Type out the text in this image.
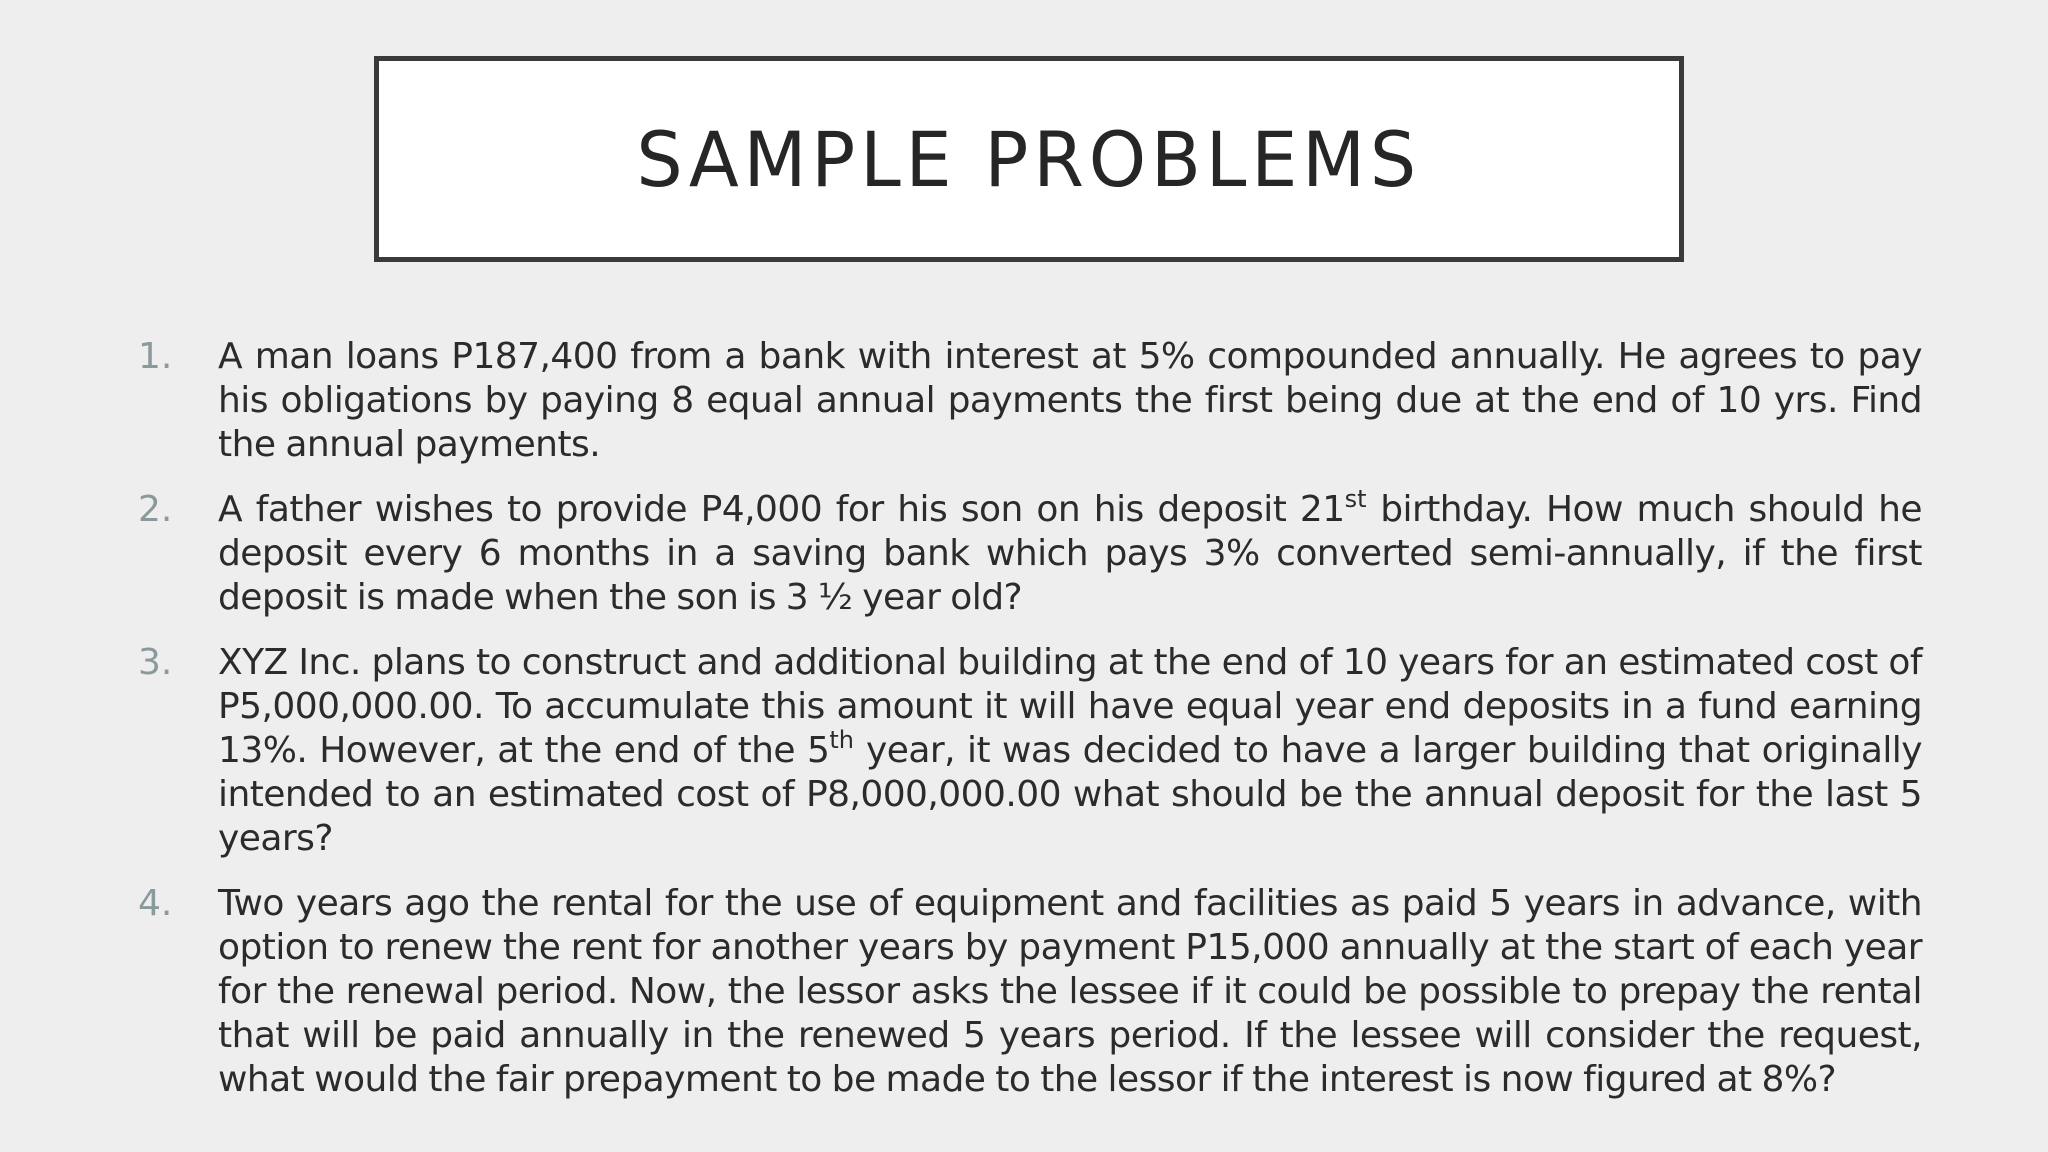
SAMPLE PROBLEMS
1. A man loans P187,400 from a bank with interest at 5% compounded annually. He agrees to pay his obligations by paying 8 equal annual payments the first being due at the end of 10 yrs. Find the annual payments.
2. A father wishes to provide P4,000 for his son on his deposit 21st birthday. How much should he deposit every 6 months in a saving bank which pays 3% converted semi-annually, if the first deposit is made when the son is 3 ½ year old?
3. XYZ Inc. plans to construct and additional building at the end of 10 years for an estimated cost of P5,000,000.00. To accumulate this amount it will have equal year end deposits in a fund earning 13%. However, at the end of the 5th year, it was decided to have a larger building that originally intended to an estimated cost of P8,000,000.00 what should be the annual deposit for the last 5 years?
4. Two years ago the rental for the use of equipment and facilities as paid 5 years in advance, with option to renew the rent for another years by payment P15,000 annually at the start of each year for the renewal period. Now, the lessor asks the lessee if it could be possible to prepay the rental that will be paid annually in the renewed 5 years period. If the lessee will consider the request, what would the fair prepayment to be made to the lessor if the interest is now figured at 8%?
